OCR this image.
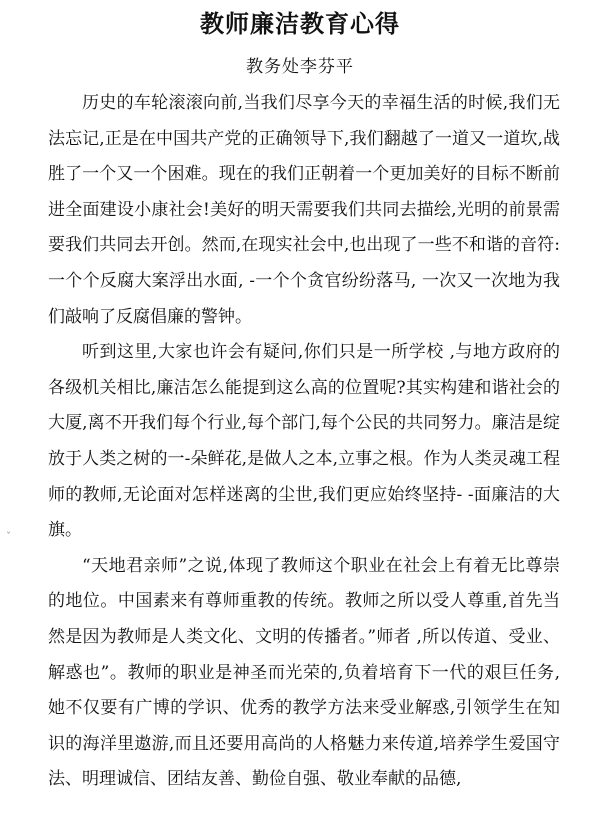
教师廉洁教育心得

教务处李芬平

历史的车轮滚滚向前,当我们尽享今天的幸福生活的时候,我们无法忘记,正是在中国共产党的正确领导下,我们翻越了一道又一道坎,战胜了一个又一个困难。现在的我们正朝着一个更加美好的目标不断前进全面建设小康社会!美好的明天需要我们共同去描绘,光明的前景需要我们共同去开创。然而,在现实社会中,也出现了一些不和谐的音符: 一个个反腐大案浮出水面, -一个个贪官纷纷落马, 一次又一次地为我们敲响了反腐倡廉的警钟。

听到这里,大家也许会有疑问,你们只是一所学校 ,与地方政府的各级机关相比,廉洁怎么能提到这么高的位置呢?其实构建和谐社会的大厦,离不开我们每个行业,每个部门,每个公民的共同努力。廉洁是绽放于人类之树的一-朵鲜花,是做人之本,立事之根。作为人类灵魂工程师的教师,无论面对怎样迷离的尘世,我们更应始终坚持- -面廉洁的大旗。

“天地君亲师”之说,体现了教师这个职业在社会上有着无比尊崇的地位。中国素来有尊师重教的传统。教师之所以受人尊重,首先当然是因为教师是人类文化、文明的传播者。”师者 ,所以传道、受业、解惑也”。教师的职业是神圣而光荣的,负着培育下一代的艰巨任务,她不仅要有广博的学识、优秀的教学方法来受业解惑,引领学生在知识的海洋里遨游,而且还要用高尚的人格魅力来传道,培养学生爱国守法、明理诚信、团结友善、勤俭自强、敬业奉献的品德,

ˇ
